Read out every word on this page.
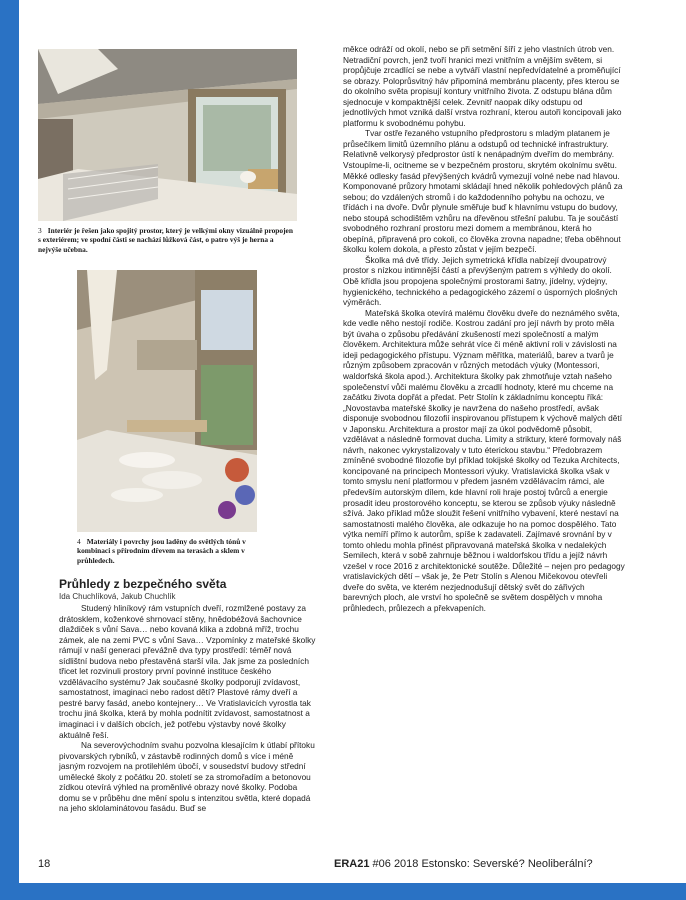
3 Interiér je řešen jako spojitý prostor, který je velkými okny vizuálně propojen s exteriérem; ve spodní části se nachází lůžková část, o patro výš je herna a nejvýše učebna.
4 Materiály i povrchy jsou laděny do světlých tónů v kombinaci s přírodním dřevem na terasách a sklem v průhledech.
Průhledy z bezpečného světa
Ida Chuchlíková, Jakub Chuchlík

Studený hliníkový rám vstupních dveří, rozmlžené postavy za drátosklem, koženkové shrnovací stěny, hnědobéžová šachovnice dlaždiček s vůní Sava… nebo kovaná klika a zdobná mříž, trochu zámek, ale na zemi PVC s vůní Sava… Vzpomínky z mateřské školky rámují v naší generaci převážně dva typy prostředí: téměř nová sídlištní budova nebo přestavěná starší vila. Jak jsme za posledních třicet let rozvinuli prostory první povinné instituce českého vzdělávacího systému? Jak současné školky podporují zvídavost, samostatnost, imaginaci nebo radost dětí? Plastové rámy dveří a pestré barvy fasád, anebo kontejnery… Ve Vratislavicích vyrostla tak trochu jiná školka, která by mohla podnítit zvídavost, samostatnost a imaginaci i v dalších obcích, jež potřebu výstavby nové školky aktuálně řeší.

Na severovýchodním svahu pozvolna klesajícím k útlabí přítoku pivovarských rybníků, v zástavbě rodinných domů s více i méně jasným rozvojem na protilehlém úbočí, v sousedství budovy střední umělecké školy z počátku 20. století se za stromořadím a betonovou zídkou otevírá výhled na proměnlivé obrazy nové školky. Podoba domu se v průběhu dne mění spolu s intenzitou světla, které dopadá na jeho sklolaminátovou fasádu. Buď se

měkce odráží od okolí, nebo se při setmění šíří z jeho vlastních útrob ven. Netradiční povrch, jenž tvoří hranici mezi vnitřním a vnějším světem, si propůjčuje zrcadlící se nebe a vytváří vlastní nepředvídatelné a proměňující se obrazy. Poloprůsvitný háv připomíná membránu placenty, přes kterou se do okolního světa propisují kontury vnitřního života. Z odstupu blána dům sjednocuje v kompaktnější celek. Zevnitř naopak díky odstupu od jednotlivých hmot vzniká další vrstva rozhraní, kterou autoři koncipovali jako platformu k svobodnému pohybu.

Tvar ostře řezaného vstupního předprostoru s mladým platanem je průsečíkem limitů územního plánu a odstupů od technické infrastruktury. Relativně velkorysý předprostor ústí k nenápadným dveřím do membrány. Vstoupíme-li, ocitneme se v bezpečném prostoru, skrytém okolnímu světu. Měkké odlesky fasád převýšených kvádrů vymezují volné nebe nad hlavou. Komponované průzory hmotami skládají hned několik pohledových plánů za sebou; do vzdálených stromů i do každodenního pohybu na ochozu, ve třídách i na dvoře. Dvůr plynule směřuje buď k hlavnímu vstupu do budovy, nebo stoupá schodištěm vzhůru na dřevěnou střešní palubu. Ta je součástí svobodného rozhraní prostoru mezi domem a membránou, která ho obepíná, připravená pro cokoli, co člověka zrovna napadne; třeba oběhnout školku kolem dokola, a přesto zůstat v jejím bezpečí.

Školka má dvě třídy. Jejich symetrická křídla nabízejí dvoupatrový prostor s nízkou intimnější částí a převýšeným patrem s výhledy do okolí. Obě křídla jsou propojena společnými prostorami šatny, jídelny, výdejny, hygienického, technického a pedagogického zázemí o úsporných plošných výměrách.

Mateřská školka otevírá malému člověku dveře do neznámého světa, kde vedle něho nestojí rodiče. Kostrou zadání pro její návrh by proto měla být úvaha o způsobu předávání zkušeností mezi společností a malým člověkem. Architektura může sehrát více či méně aktivní roli v závislosti na ideji pedagogického přístupu. Význam měřítka, materiálů, barev a tvarů je různým způsobem zpracován v různých metodách výuky (Montessori, waldorfská škola apod.). Architektura školky pak zhmotňuje vztah našeho společenství vůči malému člověku a zrcadlí hodnoty, které mu chceme na začátku života dopřát a předat. Petr Stolín k základnímu konceptu říká: „Novostavba mateřské školky je navržena do našeho prostředí, avšak disponuje svobodnou filozofií inspirovanou přístupem k výchově malých dětí v Japonsku. Architektura a prostor mají za úkol podvědomě působit, vzdělávat a následně formovat ducha. Limity a striktury, které formovaly náš návrh, nakonec vykrystalizovaly v tuto éterickou stavbu.“ Předobrazem zmíněné svobodné filozofie byl příklad tokijské školky od Tezuka Architects, koncipované na principech Montessori výuky. Vratislavická školka však v tomto smyslu není platformou v předem jasném vzdělávacím rámci, ale především autorským dílem, kde hlavní roli hraje postoj tvůrců a energie prosadit ideu prostorového konceptu, se kterou se způsob výuky následně sžívá. Jako příklad může sloužit řešení vnitřního vybavení, které nestaví na samostatnosti malého člověka, ale odkazuje ho na pomoc dospělého. Tato výtka nemíří přímo k autorům, spíše k zadavateli. Zajímavé srovnání by v tomto ohledu mohla přinést připravovaná mateřská školka v nedalekých Semilech, která v sobě zahrnuje běžnou i waldorfskou třídu a jejíž návrh vzešel v roce 2016 z architektonické soutěže. Důležité – nejen pro pedagogy vratislavických dětí – však je, že Petr Stolín s Alenou Mičekovou otevřeli dveře do světa, ve kterém nezjednodušují dětský svět do zářivých barevných ploch, ale vrství ho společně se světem dospělých v mnoha průhledech, průlezech a překvapeních.

18	ERA21 #06 2018 Estonsko: Severské? Neoliberální?
